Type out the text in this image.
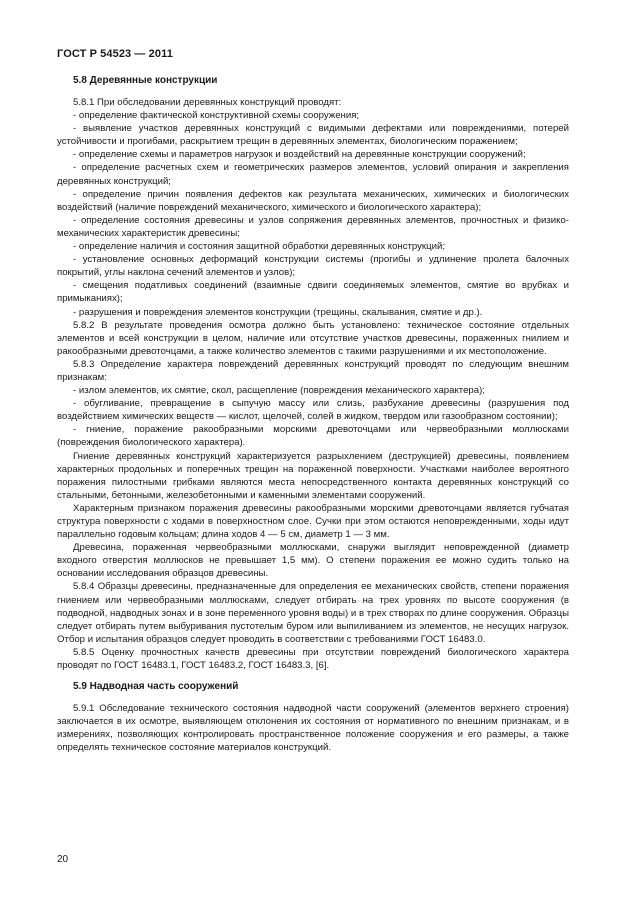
ГОСТ Р 54523 — 2011
5.8 Деревянные конструкции

5.8.1 При обследовании деревянных конструкций проводят:

- определение фактической конструктивной схемы сооружения;

- выявление участков деревянных конструкций с видимыми дефектами или повреждениями, потерей устойчивости и прогибами, раскрытием трещин в деревянных элементах, биологическим поражением;

- определение схемы и параметров нагрузок и воздействий на деревянные конструкции сооружений;

- определение расчетных схем и геометрических размеров элементов, условий опирания и закрепления деревянных конструкций;

- определение причин появления дефектов как результата механических, химических и биологических воздействий (наличие повреждений механического, химического и биологического характера);

- определение состояния древесины и узлов сопряжения деревянных элементов, прочностных и физико-механических характеристик древесины;

- определение наличия и состояния защитной обработки деревянных конструкций;

- установление основных деформаций конструкции системы (прогибы и удлинение пролета балочных покрытий, углы наклона сечений элементов и узлов);

- смещения податливых соединений (взаимные сдвиги соединяемых элементов, смятие во врубках и примыканиях);

- разрушения и повреждения элементов конструкции (трещины, скалывания, смятие и др.).

5.8.2 В результате проведения осмотра должно быть установлено: техническое состояние отдельных элементов и всей конструкции в целом, наличие или отсутствие участков древесины, пораженных гнилием и ракообразными древоточцами, а также количество элементов с такими разрушениями и их местоположение.

5.8.3 Определение характера повреждений деревянных конструкций проводят по следующим внешним признакам:

- излом элементов, их смятие, скол, расщепление (повреждения механического характера);

- обугливание, превращение в сыпучую массу или слизь, разбухание древесины (разрушения под воздействием химических веществ — кислот, щелочей, солей в жидком, твердом или газообразном состоянии);

- гниение, поражение ракообразными морскими древоточцами или червеобразными моллюсками (повреждения биологического характера).

Гниение деревянных конструкций характеризуется разрыхлением (деструкцией) древесины, появлением характерных продольных и поперечных трещин на пораженной поверхности. Участками наиболее вероятного поражения пилостными грибками являются места непосредственного контакта деревянных конструкций со стальными, бетонными, железобетонными и каменными элементами сооружений.

Характерным признаком поражения древесины ракообразными морскими древоточцами является губчатая структура поверхности с ходами в поверхностном слое. Сучки при этом остаются неповрежденными, ходы идут параллельно годовым кольцам; длина ходов 4 — 5 см, диаметр 1 — 3 мм.

Древесина, пораженная червеобразными моллюсками, снаружи выглядит неповрежденной (диаметр входного отверстия моллюсков не превышает 1,5 мм). О степени поражения ее можно судить только на основании исследования образцов древесины.

5.8.4 Образцы древесины, предназначенные для определения ее механических свойств, степени поражения гниением или червеобразными моллюсками, следует отбирать на трех уровнях по высоте сооружения (в подводной, надводных зонах и в зоне переменного уровня воды) и в трех створах по длине сооружения. Образцы следует отбирать путем выбуривания пустотелым буром или выпиливанием из элементов, не несущих нагрузок. Отбор и испытания образцов следует проводить в соответствии с требованиями ГОСТ 16483.0.

5.8.5 Оценку прочностных качеств древесины при отсутствии повреждений биологического характера проводят по ГОСТ 16483.1, ГОСТ 16483.2, ГОСТ 16483.3, [6].

5.9 Надводная часть сооружений

5.9.1 Обследование технического состояния надводной части сооружений (элементов верхнего строения) заключается в их осмотре, выявляющем отклонения их состояния от нормативного по внешним признакам, и в измерениях, позволяющих контролировать пространственное положение сооружения и его размеры, а также определять техническое состояние материалов конструкций.

20
